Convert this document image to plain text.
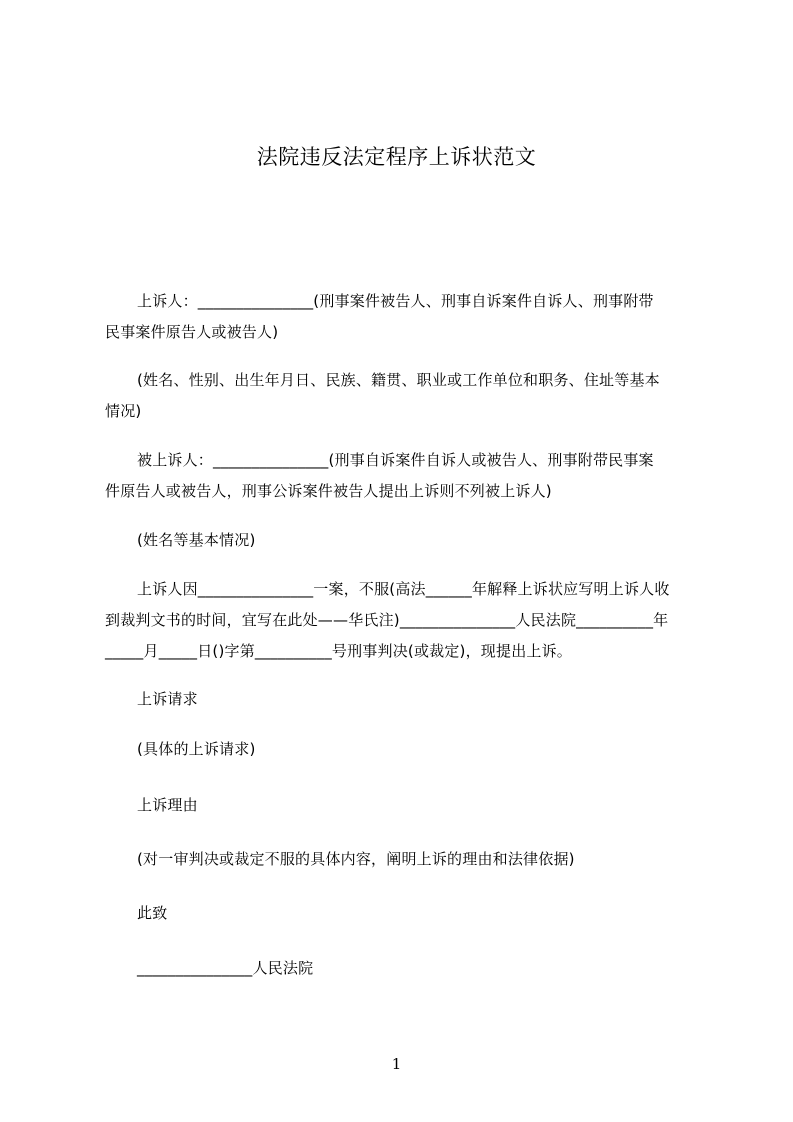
法院违反法定程序上诉状范文
上诉人：_______________(刑事案件被告人、刑事自诉案件自诉人、刑事附带
民事案件原告人或被告人)
(姓名、性别、出生年月日、民族、籍贯、职业或工作单位和职务、住址等基本
情况)
被上诉人：_______________(刑事自诉案件自诉人或被告人、刑事附带民事案
件原告人或被告人，刑事公诉案件被告人提出上诉则不列被上诉人)
(姓名等基本情况)
上诉人因_______________一案，不服(高法______年解释上诉状应写明上诉人收
到裁判文书的时间，宜写在此处——华氏注)_______________人民法院__________年
_____月_____日()字第__________号刑事判决(或裁定)，现提出上诉。
上诉请求
(具体的上诉请求)
上诉理由
(对一审判决或裁定不服的具体内容，阐明上诉的理由和法律依据)
此致
_______________人民法院
1
